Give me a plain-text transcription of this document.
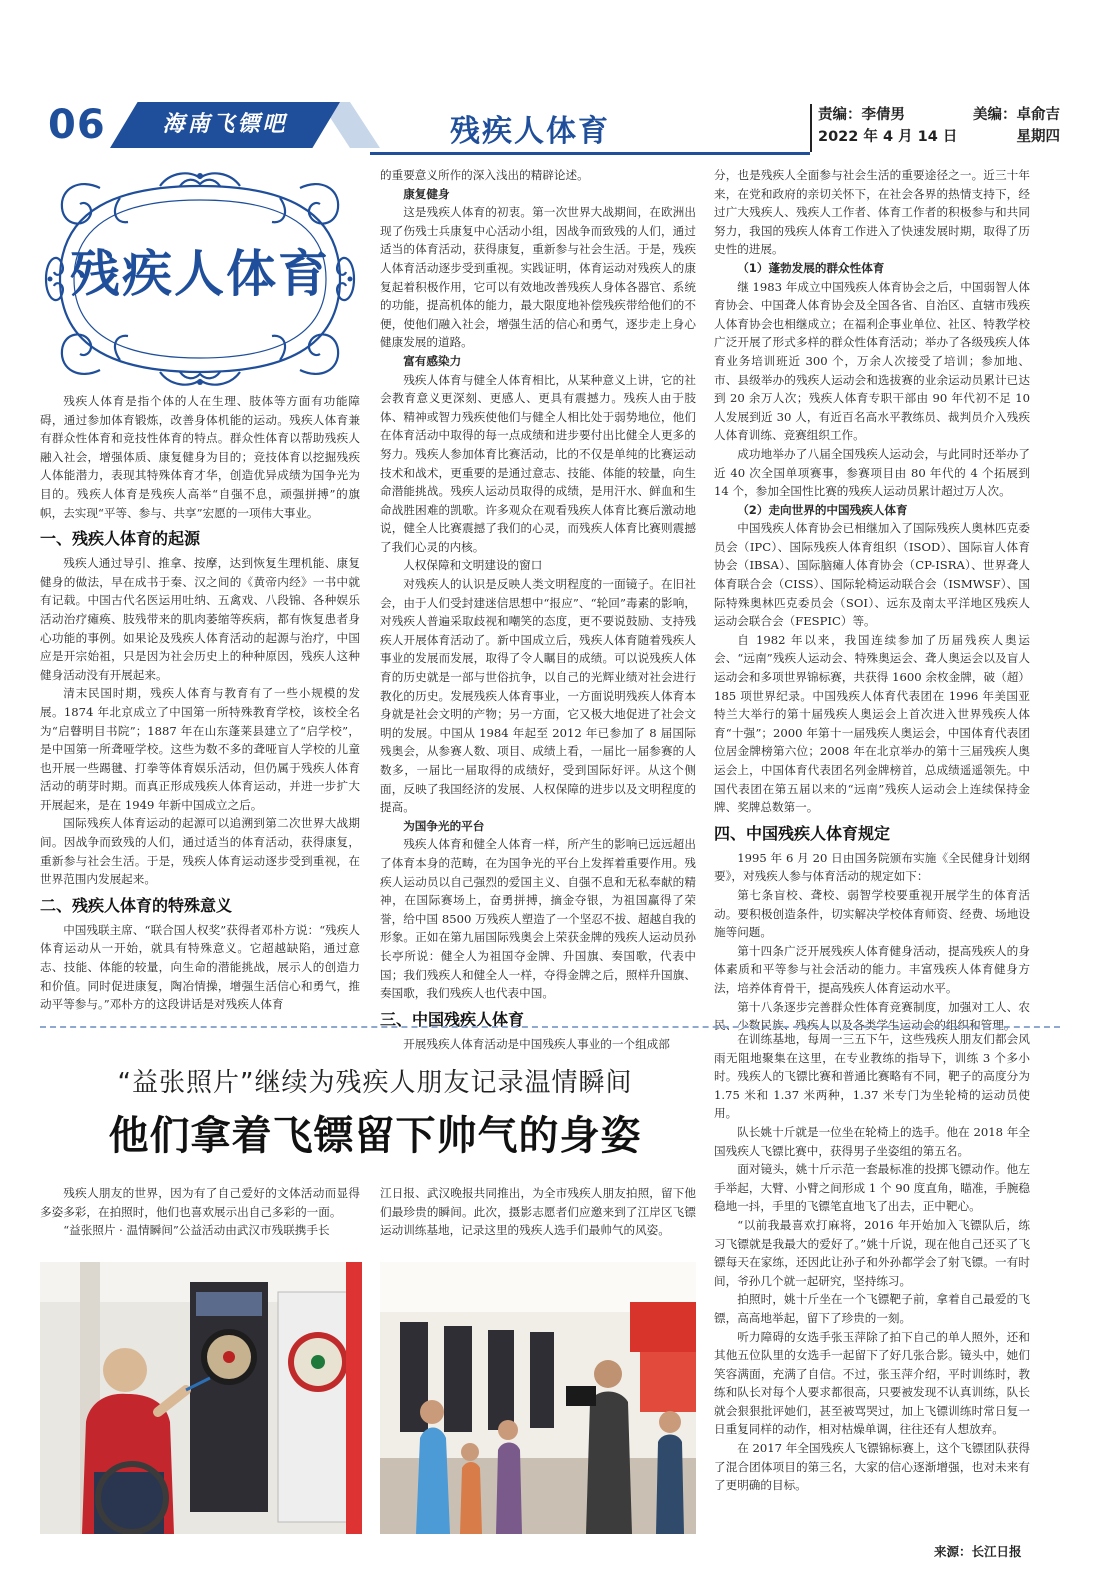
06	海南飞镖吧	残疾人体育	责编：李倩男	美编：卓俞吉
2022 年 4 月 14 日	星期四
残疾人体育

残疾人体育是指个体的人在生理、肢体等方面有功能障碍，通过参加体育锻炼，改善身体机能的运动。残疾人体育兼有群众性体育和竞技性体育的特点。群众性体育以帮助残疾人融入社会，增强体质、康复健身为目的；竞技体育以挖掘残疾人体能潜力，表现其特殊体育才华，创造优异成绩为国争光为目的。残疾人体育是残疾人高举“自强不息，顽强拼搏”的旗帜，去实现“平等、参与、共享”宏愿的一项伟大事业。

一、残疾人体育的起源

残疾人通过导引、推拿、按摩，达到恢复生理机能、康复健身的做法，早在成书于秦、汉之间的《黄帝内经》一书中就有记载。中国古代名医运用吐纳、五禽戏、八段锦、各种娱乐活动治疗瘫痪、肢残带来的肌肉萎缩等疾病，都有恢复患者身心功能的事例。如果论及残疾人体育活动的起源与治疗，中国应是开宗始祖，只是因为社会历史上的种种原因，残疾人这种健身活动没有开展起来。

清末民国时期，残疾人体育与教育有了一些小规模的发展。1874 年北京成立了中国第一所特殊教育学校，该校全名为“启瞽明目书院”；1887 年在山东蓬莱县建立了“启学校”，是中国第一所聋哑学校。这些为数不多的聋哑盲人学校的儿童也开展一些踢毽、打拳等体育娱乐活动，但仍属于残疾人体育活动的萌芽时期。而真正形成残疾人体育运动，并进一步扩大开展起来，是在 1949 年新中国成立之后。

国际残疾人体育运动的起源可以追溯到第二次世界大战期间。因战争而致残的人们，通过适当的体育活动，获得康复，重新参与社会生活。于是，残疾人体育运动逐步受到重视，在世界范围内发展起来。

二、残疾人体育的特殊意义

中国残联主席、“联合国人权奖”获得者邓朴方说：“残疾人体育运动从一开始，就具有特殊意义。它超越缺陷，通过意志、技能、体能的较量，向生命的潜能挑战，展示人的创造力和价值。同时促进康复，陶冶情操，增强生活信心和勇气，推动平等参与。”邓朴方的这段讲话是对残疾人体育

的重要意义所作的深入浅出的精辟论述。

康复健身

这是残疾人体育的初衷。第一次世界大战期间，在欧洲出现了伤残士兵康复中心活动小组，因战争而致残的人们，通过适当的体育活动，获得康复，重新参与社会生活。于是，残疾人体育活动逐步受到重视。实践证明，体育运动对残疾人的康复起着积极作用，它可以有效地改善残疾人身体各器官、系统的功能，提高机体的能力，最大限度地补偿残疾带给他们的不便，使他们融入社会，增强生活的信心和勇气，逐步走上身心健康发展的道路。

富有感染力

残疾人体育与健全人体育相比，从某种意义上讲，它的社会教育意义更深刻、更感人、更具有震撼力。残疾人由于肢体、精神或智力残疾使他们与健全人相比处于弱势地位，他们在体育活动中取得的每一点成绩和进步要付出比健全人更多的努力。残疾人参加体育比赛活动，比的不仅是单纯的比赛运动技术和战术，更重要的是通过意志、技能、体能的较量，向生命潜能挑战。残疾人运动员取得的成绩，是用汗水、鲜血和生命战胜困难的凯歌。许多观众在观看残疾人体育比赛后激动地说，健全人比赛震撼了我们的心灵，而残疾人体育比赛则震撼了我们心灵的内核。

人权保障和文明建设的窗口

对残疾人的认识是反映人类文明程度的一面镜子。在旧社会，由于人们受封建迷信思想中“报应”、“轮回”毒素的影响，对残疾人普遍采取歧视和嘲笑的态度，更不要说鼓励、支持残疾人开展体育活动了。新中国成立后，残疾人体育随着残疾人事业的发展而发展，取得了令人瞩目的成绩。可以说残疾人体育的历史就是一部与世俗抗争，以自己的光辉业绩对社会进行教化的历史。发展残疾人体育事业，一方面说明残疾人体育本身就是社会文明的产物；另一方面，它又极大地促进了社会文明的发展。中国从 1984 年起至 2012 年已参加了 8 届国际残奥会，从参赛人数、项目、成绩上看，一届比一届参赛的人数多，一届比一届取得的成绩好，受到国际好评。从这个侧面，反映了我国经济的发展、人权保障的进步以及文明程度的提高。

为国争光的平台

残疾人体育和健全人体育一样，所产生的影响已远远超出了体育本身的范畴，在为国争光的平台上发挥着重要作用。残疾人运动员以自己强烈的爱国主义、自强不息和无私奉献的精神，在国际赛场上，奋勇拼搏，摘金夺银，为祖国赢得了荣誉，给中国 8500 万残疾人塑造了一个坚忍不拔、超越自我的形象。正如在第九届国际残奥会上荣获金牌的残疾人运动员孙长亭所说：健全人为祖国夺金牌、升国旗、奏国歌，代表中国；我们残疾人和健全人一样，夺得金牌之后，照样升国旗、奏国歌，我们残疾人也代表中国。

三、中国残疾人体育

开展残疾人体育活动是中国残疾人事业的一个组成部

分，也是残疾人全面参与社会生活的重要途径之一。近三十年来，在党和政府的亲切关怀下，在社会各界的热情支持下，经过广大残疾人、残疾人工作者、体育工作者的积极参与和共同努力，我国的残疾人体育工作进入了快速发展时期，取得了历史性的进展。

（1）蓬勃发展的群众性体育

继 1983 年成立中国残疾人体育协会之后，中国弱智人体育协会、中国聋人体育协会及全国各省、自治区、直辖市残疾人体育协会也相继成立；在福利企事业单位、社区、特教学校广泛开展了形式多样的群众性体育活动；举办了各级残疾人体育业务培训班近 300 个，万余人次接受了培训；参加地、市、县级举办的残疾人运动会和选拔赛的业余运动员累计已达到 20 余万人次；残疾人体育专职干部由 90 年代初不足 10 人发展到近 30 人，有近百名高水平教练员、裁判员介入残疾人体育训练、竞赛组织工作。

成功地举办了八届全国残疾人运动会，与此同时还举办了近 40 次全国单项赛事，参赛项目由 80 年代的 4 个拓展到 14 个，参加全国性比赛的残疾人运动员累计超过万人次。

（2）走向世界的中国残疾人体育

中国残疾人体育协会已相继加入了国际残疾人奥林匹克委员会（IPC）、国际残疾人体育组织（ISOD）、国际盲人体育协会（IBSA）、国际脑瘫人体育协会（CP-ISRA）、世界聋人体育联合会（CISS）、国际轮椅运动联合会（ISMWSF）、国际特殊奥林匹克委员会（SOI）、远东及南太平洋地区残疾人运动会联合会（FESPIC）等。

自 1982 年以来，我国连续参加了历届残疾人奥运会、“远南”残疾人运动会、特殊奥运会、聋人奥运会以及盲人运动会和多项世界锦标赛，共获得 1600 余枚金牌，破（超）185 项世界纪录。中国残疾人体育代表团在 1996 年美国亚特兰大举行的第十届残疾人奥运会上首次进入世界残疾人体育“十强”；2000 年第十一届残疾人奥运会，中国体育代表团位居金牌榜第六位；2008 年在北京举办的第十三届残疾人奥运会上，中国体育代表团名列金牌榜首，总成绩遥遥领先。中国代表团在第五届以来的“远南”残疾人运动会上连续保持金牌、奖牌总数第一。

四、中国残疾人体育规定

1995 年 6 月 20 日由国务院颁布实施《全民健身计划纲要》，对残疾人参与体育活动的规定如下：

第七条盲校、聋校、弱智学校要重视开展学生的体育活动。要积极创造条件，切实解决学校体育师资、经费、场地设施等问题。

第十四条广泛开展残疾人体育健身活动，提高残疾人的身体素质和平等参与社会活动的能力。丰富残疾人体育健身方法，培养体育骨干，提高残疾人体育运动水平。

第十八条逐步完善群众性体育竞赛制度，加强对工人、农民、少数民族、残疾人以及各类学生运动会的组织和管理。

“益张照片”继续为残疾人朋友记录温情瞬间
他们拿着飞镖留下帅气的身姿

残疾人朋友的世界，因为有了自己爱好的文体活动而显得多姿多彩，在拍照时，他们也喜欢展示出自己多彩的一面。

“益张照片 · 温情瞬间”公益活动由武汉市残联携手长

江日报、武汉晚报共同推出，为全市残疾人朋友拍照，留下他们最珍贵的瞬间。此次，摄影志愿者们应邀来到了江岸区飞镖运动训练基地，记录这里的残疾人选手们最帅气的风姿。

在训练基地，每周一三五下午，这些残疾人朋友们都会风雨无阻地聚集在这里，在专业教练的指导下，训练 3 个多小时。残疾人的飞镖比赛和普通比赛略有不同，靶子的高度分为 1.75 米和 1.37 米两种，1.37 米专门为坐轮椅的运动员使用。

队长姚十斤就是一位坐在轮椅上的选手。他在 2018 年全国残疾人飞镖比赛中，获得男子坐姿组的第五名。

面对镜头，姚十斤示范一套最标准的投掷飞镖动作。他左手举起，大臂、小臂之间形成 1 个 90 度直角，瞄准，手腕稳稳地一抖，手里的飞镖笔直地飞了出去，正中靶心。

“以前我最喜欢打麻将，2016 年开始加入飞镖队后，练习飞镖就是我最大的爱好了。”姚十斤说，现在他自己还买了飞镖每天在家练，还因此让孙子和外孙都学会了射飞镖。一有时间，爷孙几个就一起研究，坚持练习。

拍照时，姚十斤坐在一个飞镖靶子前，拿着自己最爱的飞镖，高高地举起，留下了珍贵的一刻。

听力障碍的女选手张玉萍除了拍下自己的单人照外，还和其他五位队里的女选手一起留下了好几张合影。镜头中，她们笑容满面，充满了自信。不过，张玉萍介绍，平时训练时，教练和队长对每个人要求都很高，只要被发现不认真训练，队长就会狠狠批评她们，甚至被骂哭过，加上飞镖训练时常日复一日重复同样的动作，相对枯燥单调，往往还有人想放弃。

在 2017 年全国残疾人飞镖锦标赛上，这个飞镖团队获得了混合团体项目的第三名，大家的信心逐渐增强，也对未来有了更明确的目标。

来源：长江日报
